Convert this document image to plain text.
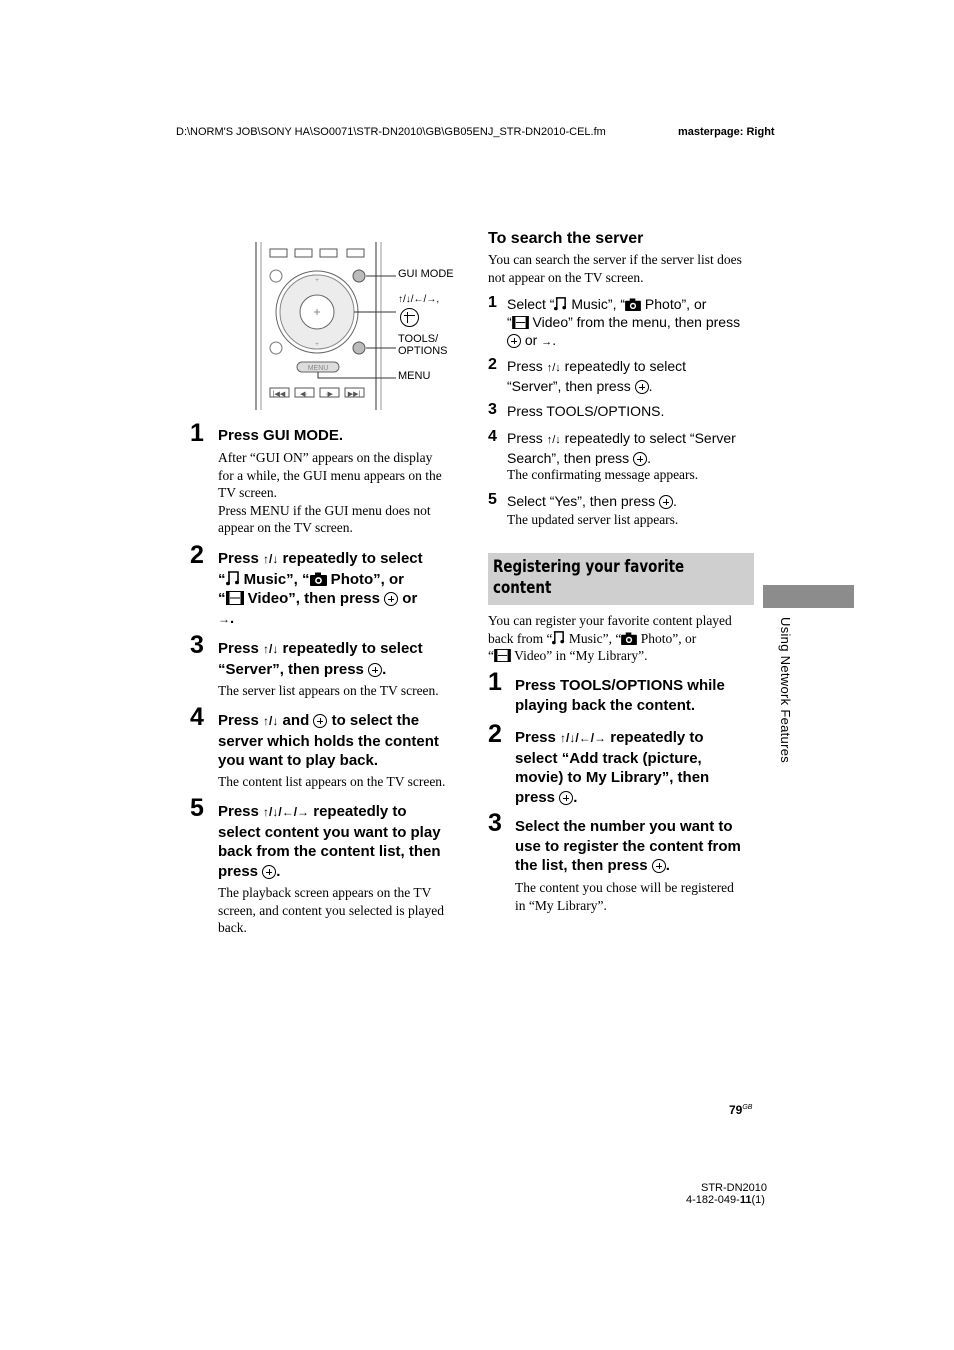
D:\NORM'S JOB\SONY HA\SO0071\STR-DN2010\GB\GB05ENJ_STR-DN2010-CEL.fm	masterpage: Right
+
+
MENU
|◀◀ ◀· ·▶ ▶▶|
GUI MODE
↑/↓/←/→,
TOOLS/
OPTIONS
MENU
1 Press GUI MODE.
After “GUI ON” appears on the display
for a while, the GUI menu appears on the
TV screen.
Press MENU if the GUI menu does not
appear on the TV screen.
2 Press ↑/↓ repeatedly to select
“ Music”, “ Photo”, or
“ Video”, then press  or
→.
3 Press ↑/↓ repeatedly to select
“Server”, then press .
The server list appears on the TV screen.
4 Press ↑/↓ and  to select the
server which holds the content
you want to play back.
The content list appears on the TV screen.
5 Press ↑/↓/←/→ repeatedly to
select content you want to play
back from the content list, then
press .
The playback screen appears on the TV
screen, and content you selected is played
back.
To search the server
You can search the server if the server list does
not appear on the TV screen.
1 Select “ Music”, “ Photo”, or
“ Video” from the menu, then press
or →.
2 Press ↑/↓ repeatedly to select
“Server”, then press .
3 Press TOOLS/OPTIONS.
4 Press ↑/↓ repeatedly to select “Server
Search”, then press .
The confirmating message appears.
5 Select “Yes”, then press .
The updated server list appears.
Registering your favorite
content
You can register your favorite content played
back from “ Music”, “ Photo”, or
“ Video” in “My Library”.
1 Press TOOLS/OPTIONS while
playing back the content.
2 Press ↑/↓/←/→ repeatedly to
select “Add track (picture,
movie) to My Library”, then
press .
3 Select the number you want to
use to register the content from
the list, then press .
The content you chose will be registered
in “My Library”.
Using Network Features
$79^{GB}$
STR-DN2010
4-182-049-11(1)
